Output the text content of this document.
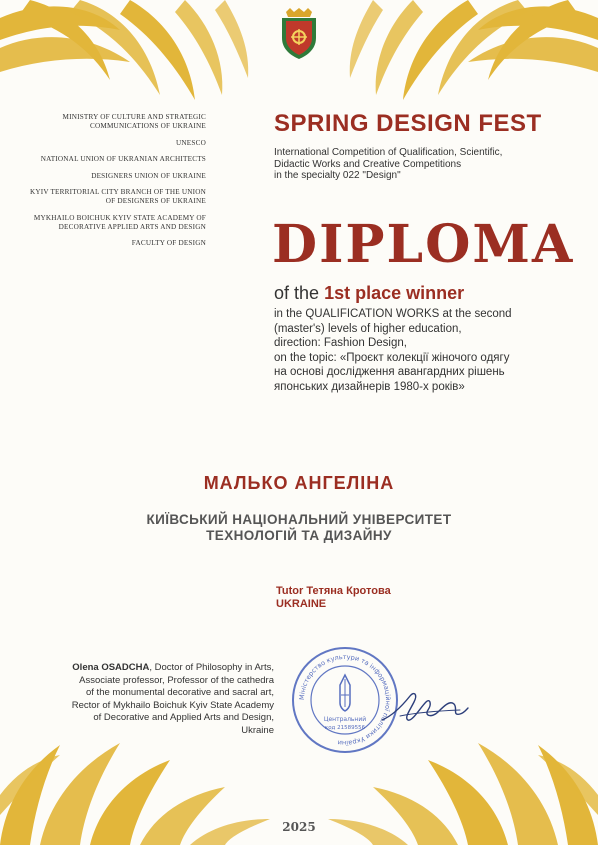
MINISTRY OF CULTURE AND STRATEGIC COMMUNICATIONS OF UKRAINE
UNESCO
NATIONAL UNION OF UKRANIAN ARCHITECTS
DESIGNERS UNION OF UKRAINE
KYIV TERRITORIAL CITY BRANCH OF THE UNION OF DESIGNERS OF UKRAINE
MYKHAILO BOICHUK KYIV STATE ACADEMY OF DECORATIVE APPLIED ARTS AND DESIGN
FACULTY OF DESIGN
SPRING DESIGN FEST
International Competition of Qualification, Scientific,
Didactic Works and Creative Competitions
in the specialty 022 "Design"
DIPLOMA
of the 1st place winner
in the QUALIFICATION WORKS at the second
(master's) levels of higher education,
direction: Fashion Design,
on the topic: «Проєкт колекції жіночого одягу
на основі дослідження авангардних рішень
японських дизайнерів 1980-х років»
МАЛЬКО АНГЕЛІНА
КИЇВСЬКИЙ НАЦІОНАЛЬНИЙ УНІВЕРСИТЕТ
ТЕХНОЛОГІЙ ТА ДИЗАЙНУ
Tutor Тетяна Кротова
UKRAINE
Olena OSADCHA, Doctor of Philosophy in Arts,
Associate professor, Professor of the cathedra
of the monumental decorative and sacral art,
Rector of Mykhailo Boichuk Kyiv State Academy
of Decorative and Applied Arts and Design,
Ukraine
Міністерство культури та інформаційної політики України
Центральний
код 21589556
2025
